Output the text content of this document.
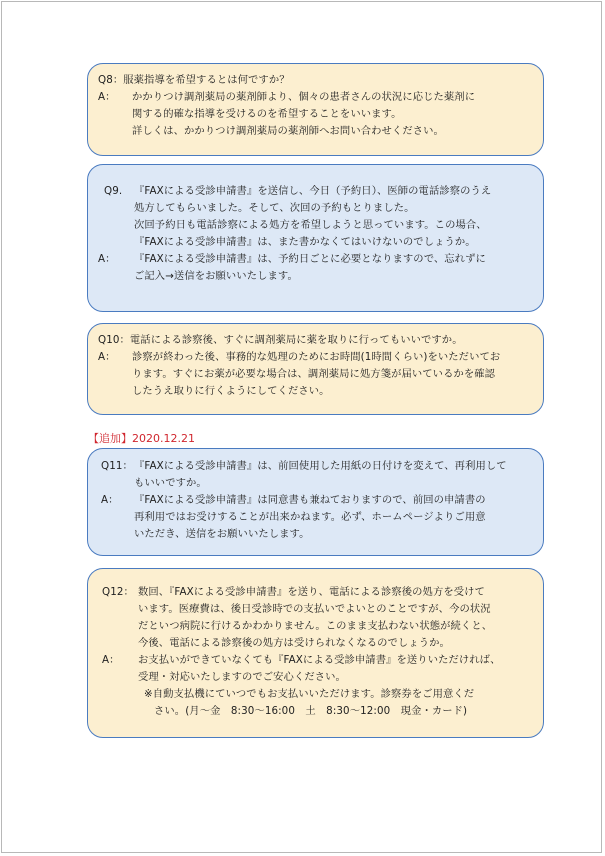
Q8： 服薬指導を希望するとは何ですか？
A：	かかりつけ調剤薬局の薬剤師より、個々の患者さんの状況に応じた薬剤に
関する的確な指導を受けるのを希望することをいいます。
詳しくは、かかりつけ調剤薬局の薬剤師へお問い合わせください。
Q9.	『FAXによる受診申請書』を送信し、今日（予約日）、医師の電話診察のうえ
処方してもらいました。そして、次回の予約もとりました。
次回予約日も電話診察による処方を希望しようと思っています。この場合、
『FAXによる受診申請書』は、また書かなくてはいけないのでしょうか。
A：	『FAXによる受診申請書』は、予約日ごとに必要となりますので、忘れずに
ご記入→送信をお願いいたします。
Q10： 電話による診察後、すぐに調剤薬局に薬を取りに行ってもいいですか。
A：	診察が終わった後、事務的な処理のためにお時間(1時間くらい)をいただいてお
ります。すぐにお薬が必要な場合は、調剤薬局に処方箋が届いているかを確認
したうえ取りに行くようにしてください。
【追加】2020.12.21
Q11： 『FAXによる受診申請書』は、前回使用した用紙の日付けを変えて、再利用して
もいいですか。
A：	『FAXによる受診申請書』は同意書も兼ねておりますので、前回の申請書の
再利用ではお受けすることが出来かねます。必ず、ホームページよりご用意
いただき、送信をお願いいたします。
Q12： 数回、『FAXによる受診申請書』を送り、電話による診察後の処方を受けて
います。医療費は、後日受診時での支払いでよいとのことですが、今の状況
だといつ病院に行けるかわかりません。このまま支払わない状態が続くと、
今後、電話による診察後の処方は受けられなくなるのでしょうか。
A：	お支払いができていなくても『FAXによる受診申請書』を送りいただければ、
受理・対応いたしますのでご安心ください。
※自動支払機にていつでもお支払いいただけます。診察券をご用意くだ
さい。(月～金　8:30～16:00　土　8:30～12:00　現金・カード)
